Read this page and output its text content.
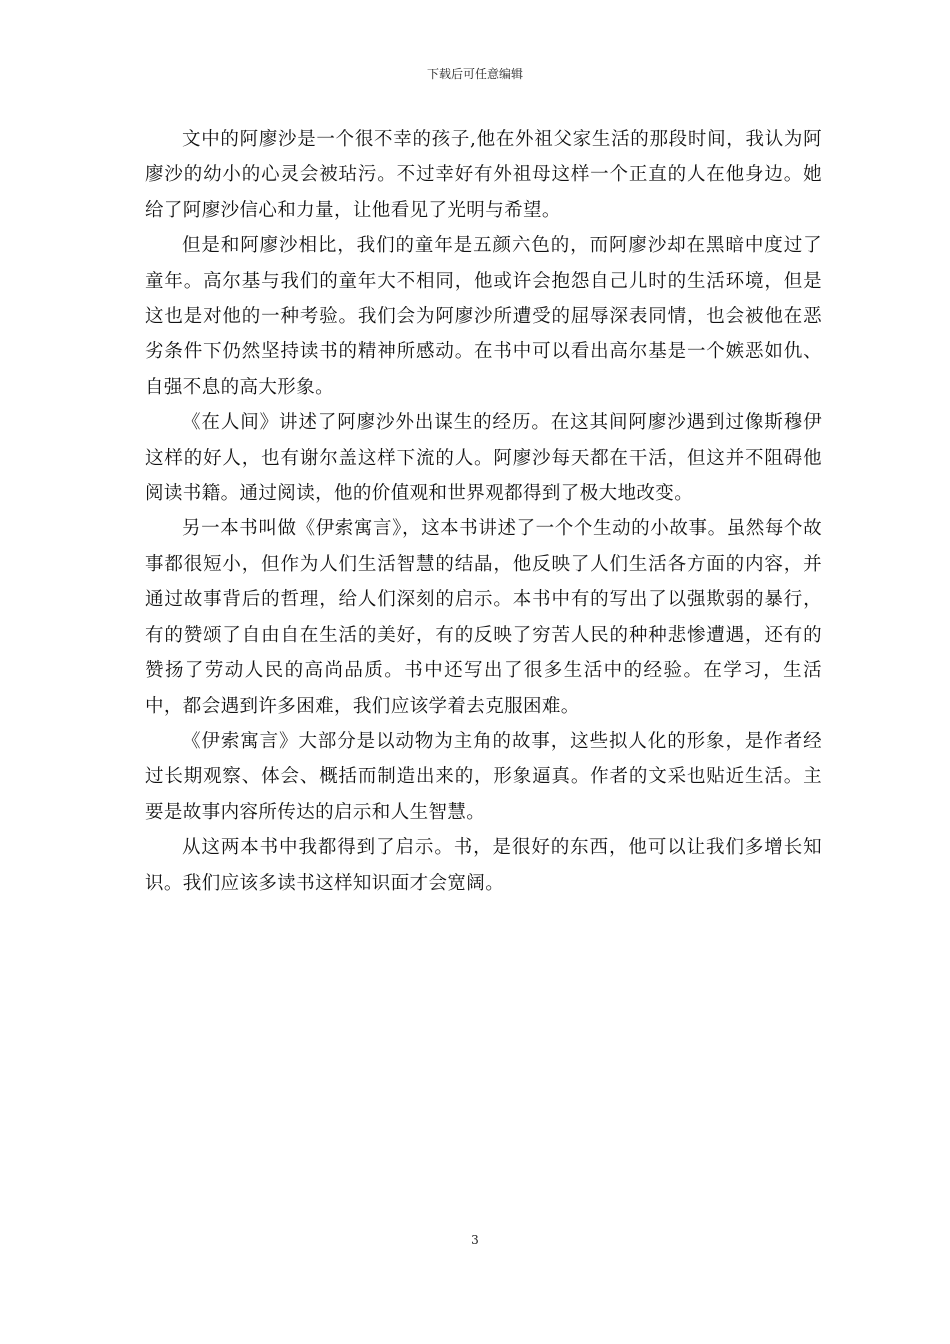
下载后可任意编辑

文中的阿廖沙是一个很不幸的孩子,他在外祖父家生活的那段时间，我认为阿廖沙的幼小的心灵会被玷污。不过幸好有外祖母这样一个正直的人在他身边。她给了阿廖沙信心和力量，让他看见了光明与希望。

但是和阿廖沙相比，我们的童年是五颜六色的，而阿廖沙却在黑暗中度过了童年。高尔基与我们的童年大不相同，他或许会抱怨自己儿时的生活环境，但是这也是对他的一种考验。我们会为阿廖沙所遭受的屈辱深表同情，也会被他在恶劣条件下仍然坚持读书的精神所感动。在书中可以看出高尔基是一个嫉恶如仇、自强不息的高大形象。

《在人间》讲述了阿廖沙外出谋生的经历。在这其间阿廖沙遇到过像斯穆伊这样的好人，也有谢尔盖这样下流的人。阿廖沙每天都在干活，但这并不阻碍他阅读书籍。通过阅读，他的价值观和世界观都得到了极大地改变。

另一本书叫做《伊索寓言》，这本书讲述了一个个生动的小故事。虽然每个故事都很短小，但作为人们生活智慧的结晶，他反映了人们生活各方面的内容，并通过故事背后的哲理，给人们深刻的启示。本书中有的写出了以强欺弱的暴行，有的赞颂了自由自在生活的美好，有的反映了穷苦人民的种种悲惨遭遇，还有的赞扬了劳动人民的高尚品质。书中还写出了很多生活中的经验。在学习，生活中，都会遇到许多困难，我们应该学着去克服困难。

《伊索寓言》大部分是以动物为主角的故事，这些拟人化的形象，是作者经过长期观察、体会、概括而制造出来的，形象逼真。作者的文采也贴近生活。主要是故事内容所传达的启示和人生智慧。

从这两本书中我都得到了启示。书，是很好的东西，他可以让我们多增长知识。我们应该多读书这样知识面才会宽阔。

3
